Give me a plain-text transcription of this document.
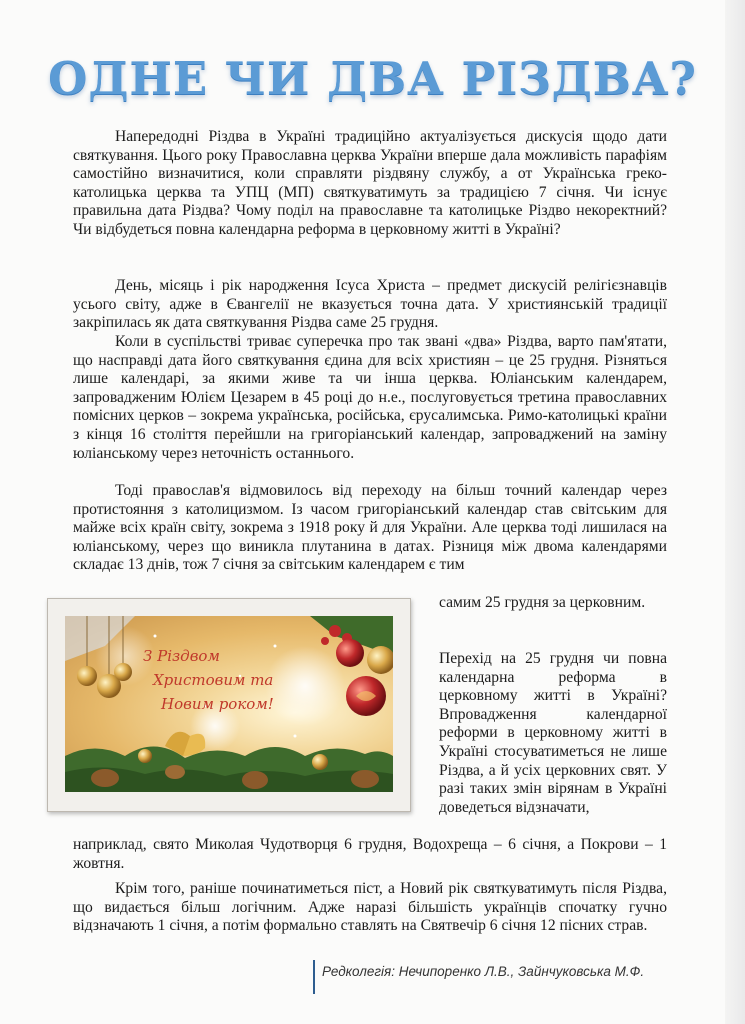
ОДНЕ ЧИ ДВА РІЗДВА?

Напередодні Різдва в Україні традиційно актуалізується дискусія щодо дати святкування. Цього року Православна церква України вперше дала можливість парафіям самостійно визначитися, коли справляти різдвяну службу, а от Українська греко-католицька церква та УПЦ (МП) святкуватимуть за традицією 7 січня. Чи існує правильна дата Різдва? Чому поділ на православне та католицьке Різдво некоректний? Чи відбудеться повна календарна реформа в церковному житті в Україні?

День, місяць і рік народження Ісуса Христа – предмет дискусій релігієзнавців усього світу, адже в Євангелії не вказується точна дата. У християнській традиції закріпилась як дата святкування Різдва саме 25 грудня.

Коли в суспільстві триває суперечка про так звані «два» Різдва, варто пам'ятати, що насправді дата його святкування єдина для всіх християн – це 25 грудня. Різняться лише календарі, за якими живе та чи інша церква. Юліанським календарем, запровадженим Юлієм Цезарем в 45 році до н.е., послуговується третина православних помісних церков – зокрема українська, російська, єрусалимська. Римо-католицькі країни з кінця 16 століття перейшли на григоріанський календар, запроваджений на заміну юліанському через неточність останнього.

Тоді православ'я відмовилось від переходу на більш точний календар через протистояння з католицизмом. Із часом григоріанський календар став світським для майже всіх країн світу, зокрема з 1918 року й для України. Але церква тоді лишилася на юліанському, через що виникла плутанина в датах. Різниця між двома календарями складає 13 днів, тож 7 січня за світським календарем є тим

самим 25 грудня за церковним.

З Різдвом
Христовим та
Новим роком!

Перехід на 25 грудня чи повна календарна реформа в церковному житті в Україні? Впровадження календарної реформи в церковному житті в Україні стосуватиметься не лише Різдва, а й усіх церковних свят. У разі таких змін вірянам в Україні доведеться відзначати,

наприклад, свято Миколая Чудотворця 6 грудня, Водохреща – 6 січня, а Покрови – 1 жовтня.

Крім того, раніше починатиметься піст, а Новий рік святкуватимуть після Різдва, що видається більш логічним. Адже наразі більшість українців спочатку гучно відзначають 1 січня, а потім формально ставлять на Святвечір 6 січня 12 пісних страв.

Редколегія: Нечипоренко Л.В., Зайнчуковська М.Ф.
